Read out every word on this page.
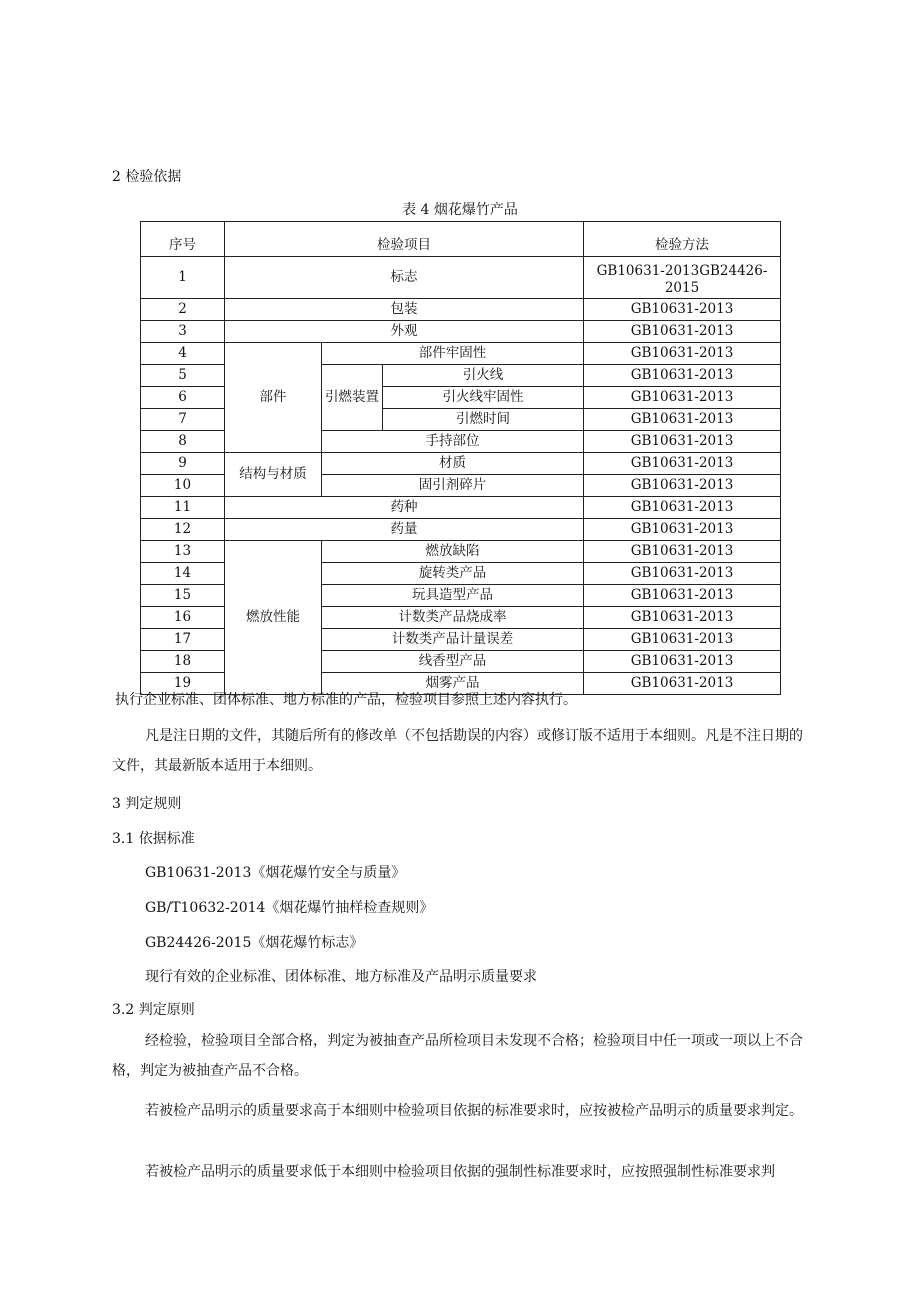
2 检验依据
表 4 烟花爆竹产品
序号	检验项目			检验方法
1	标志			GB10631-2013GB24426-2015
2	包装			GB10631-2013
3	外观			GB10631-2013
4	部件	部件牢固性		GB10631-2013
5		引燃装置	引火线	GB10631-2013
6			引火线牢固性	GB10631-2013
7			引燃时间	GB10631-2013
8		手持部位		GB10631-2013
9	结构与材质	材质		GB10631-2013
10		固引剂碎片		GB10631-2013
11	药种			GB10631-2013
12	药量			GB10631-2013
13	燃放性能	燃放缺陷		GB10631-2013
14		旋转类产品		GB10631-2013
15		玩具造型产品		GB10631-2013
16		计数类产品烧成率		GB10631-2013
17		计数类产品计量误差		GB10631-2013
18		线香型产品		GB10631-2013
19		烟雾产品		GB10631-2013
执行企业标准、团体标准、地方标准的产品，检验项目参照上述内容执行。
凡是注日期的文件，其随后所有的修改单（不包括勘误的内容）或修订版不适用于本细则。凡是不注日期的文件，其最新版本适用于本细则。
3 判定规则
3.1 依据标准
GB10631-2013《烟花爆竹安全与质量》
GB/T10632-2014《烟花爆竹抽样检查规则》
GB24426-2015《烟花爆竹标志》
现行有效的企业标准、团体标准、地方标准及产品明示质量要求
3.2 判定原则
经检验，检验项目全部合格，判定为被抽查产品所检项目未发现不合格；检验项目中任一项或一项以上不合格，判定为被抽查产品不合格。
若被检产品明示的质量要求高于本细则中检验项目依据的标准要求时，应按被检产品明示的质量要求判定。
若被检产品明示的质量要求低于本细则中检验项目依据的强制性标准要求时，应按照强制性标准要求判
